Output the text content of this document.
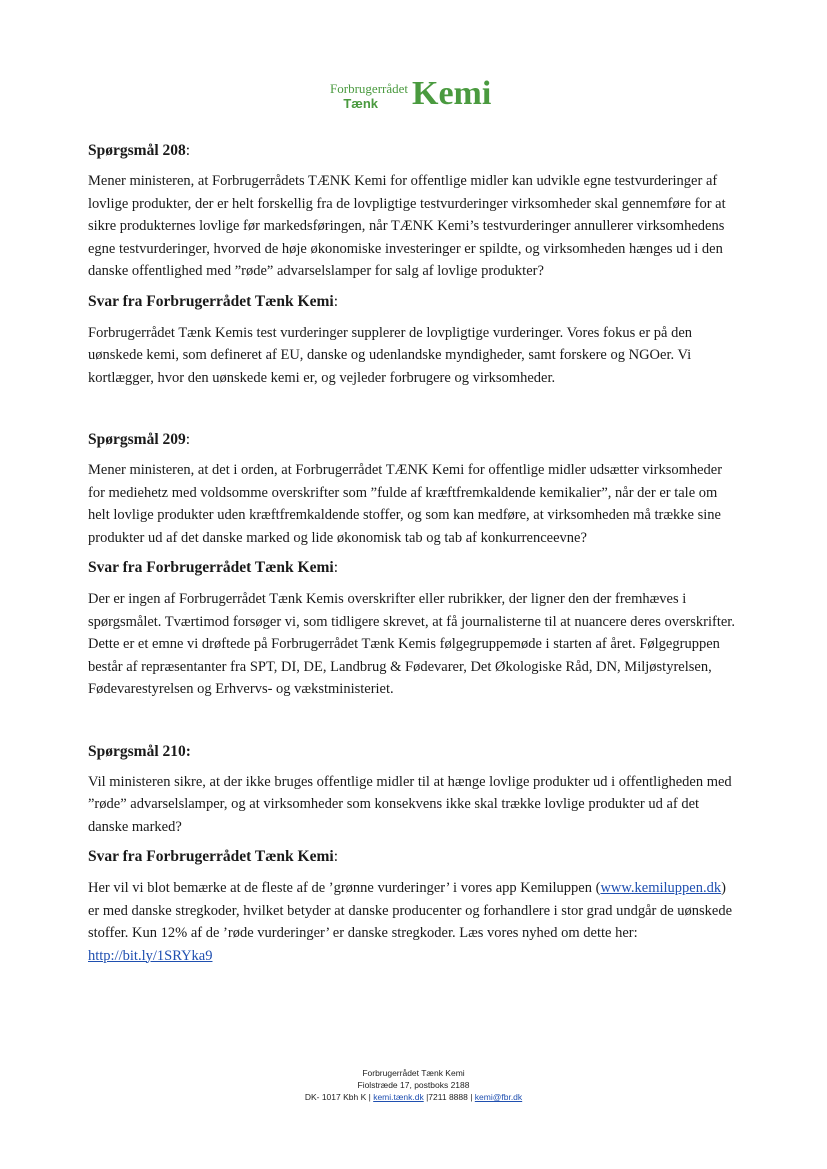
Forbrugerrådet
Tænk	Kemi

Spørgsmål 208:

Mener ministeren, at Forbrugerrådets TÆNK Kemi for offentlige midler kan udvikle egne testvurderinger af lovlige produkter, der er helt forskellig fra de lovpligtige testvurderinger virksomheder skal gennemføre for at sikre produkternes lovlige før markedsføringen, når TÆNK Kemi’s testvurderinger annullerer virksomhedens egne testvurderinger, hvorved de høje økonomiske investeringer er spildte, og virksomheden hænges ud i den danske offentlighed med ”røde” advarselslamper for salg af lovlige produkter?

Svar fra Forbrugerrådet Tænk Kemi:

Forbrugerrådet Tænk Kemis test vurderinger supplerer de lovpligtige vurderinger. Vores fokus er på den uønskede kemi, som defineret af EU, danske og udenlandske myndigheder, samt forskere og NGOer. Vi kortlægger, hvor den uønskede kemi er, og vejleder forbrugere og virksomheder.

Spørgsmål 209:

Mener ministeren, at det i orden, at Forbrugerrådet TÆNK Kemi for offentlige midler udsætter virksomheder for mediehetz med voldsomme overskrifter som ”fulde af kræftfremkaldende kemikalier”, når der er tale om helt lovlige produkter uden kræftfremkaldende stoffer, og som kan medføre, at virksomheden må trække sine produkter ud af det danske marked og lide økonomisk tab og tab af konkurrenceevne?

Svar fra Forbrugerrådet Tænk Kemi:

Der er ingen af Forbrugerrådet Tænk Kemis overskrifter eller rubrikker, der ligner den der fremhæves i spørgsmålet. Tværtimod forsøger vi, som tidligere skrevet, at få journalisterne til at nuancere deres overskrifter. Dette er et emne vi drøftede på Forbrugerrådet Tænk Kemis følgegruppemøde i starten af året. Følgegruppen består af repræsentanter fra SPT, DI, DE, Landbrug & Fødevarer, Det Økologiske Råd, DN, Miljøstyrelsen, Fødevarestyrelsen og Erhvervs- og vækstministeriet.

Spørgsmål 210:

Vil ministeren sikre, at der ikke bruges offentlige midler til at hænge lovlige produkter ud i offentligheden med ”røde” advarselslamper, og at virksomheder som konsekvens ikke skal trække lovlige produkter ud af det danske marked?

Svar fra Forbrugerrådet Tænk Kemi:

Her vil vi blot bemærke at de fleste af de ’grønne vurderinger’ i vores app Kemiluppen (www.kemiluppen.dk) er med danske stregkoder, hvilket betyder at danske producenter og forhandlere i stor grad undgår de uønskede stoffer. Kun 12% af de ’røde vurderinger’ er danske stregkoder. Læs vores nyhed om dette her: http://bit.ly/1SRYka9

Forbrugerrådet Tænk Kemi
Fiolstræde 17, postboks 2188
DK- 1017 Kbh K | kemi.tænk.dk |7211 8888 | kemi@fbr.dk
